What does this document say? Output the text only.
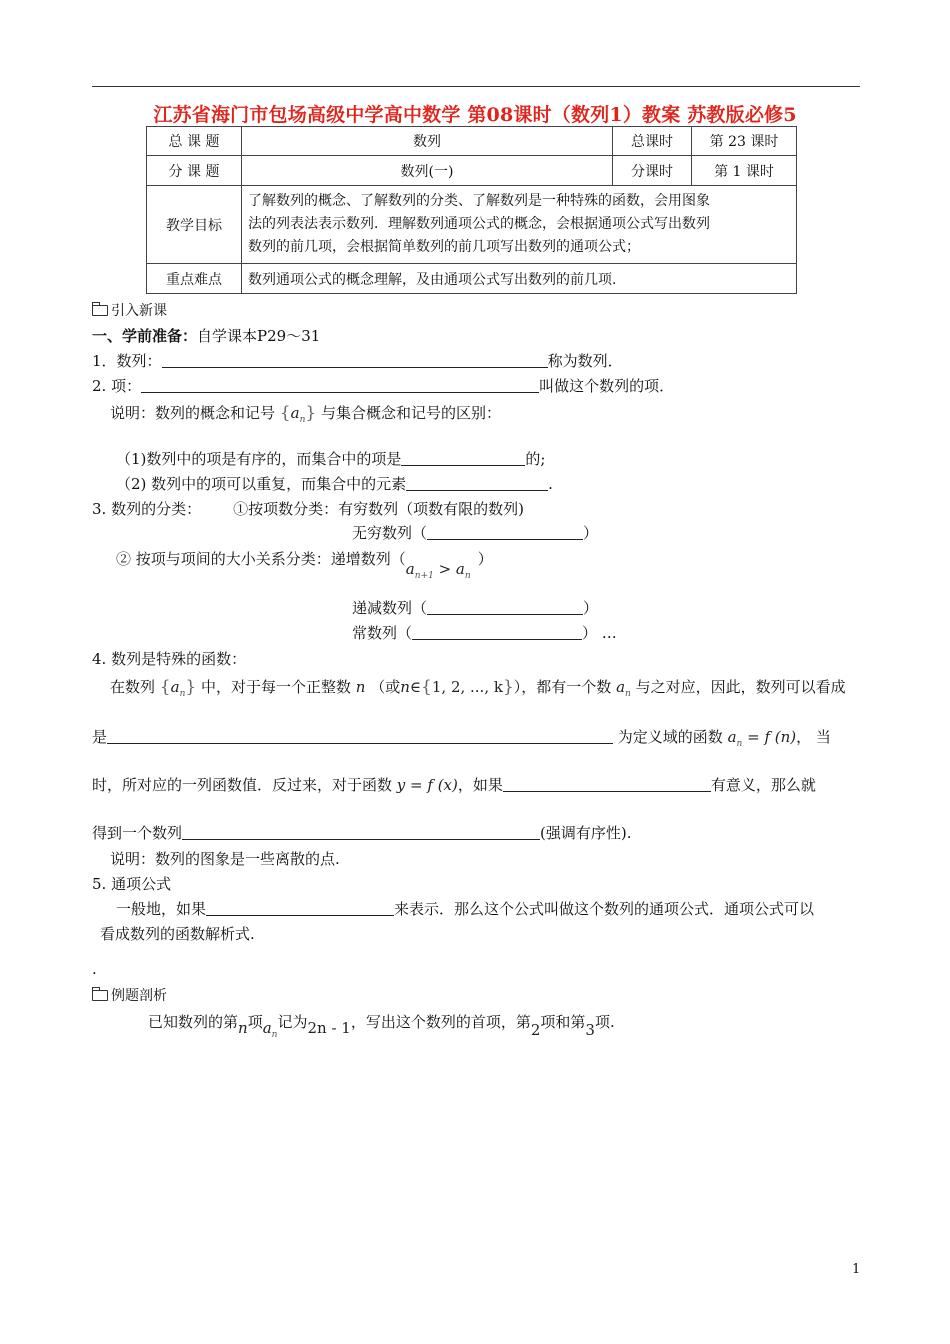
江苏省海门市包场高级中学高中数学 第08课时（数列1）教案 苏教版必修5
总 课 题	数列	总课时	第 23 课时
分 课 题	数列(一)	分课时	第 1 课时
教学目标	了解数列的概念、了解数列的分类、了解数列是一种特殊的函数，会用图象
法的列表法表示数列．理解数列通项公式的概念，会根据通项公式写出数列
数列的前几项，会根据简单数列的前几项写出数列的通项公式；		

重点难点	数列通项公式的概念理解，及由通项公式写出数列的前几项.		
引入新课
一、学前准备：自学课本P29～31
1．数列：	称为数列．
2. 项：	叫做这个数列的项．
说明：数列的概念和记号 $\{a_n\}$ 与集合概念和记号的区别：
（1)数列中的项是有序的，而集合中的项是	的;
（2) 数列中的项可以重复，而集合中的元素	.
3. 数列的分类： ①按项数分类：有穷数列（项数有限的数列)
无穷数列（	）
② 按项与项间的大小关系分类：递增数列$(a_{n+1} > a_n)$
递减数列（	）
常数列（	） …
4. 数列是特殊的函数：
在数列 $\{a_n\}$ 中，对于每一个正整数 n （或n∈{1, 2, ..., k}），都有一个数 $a_n$ 与之对应，因此，数列可以看成
是	为定义域的函数 $a_n = f$ (n)， 当
时，所对应的一列函数值．反过来，对于函数 y = f (x)，如果	有意义，那么就
得到一个数列	(强调有序性).
说明：数列的图象是一些离散的点.
5. 通项公式
一般地，如果	来表示．那么这个公式叫做这个数列的通项公式．通项公式可以
看成数列的函数解析式.
.
例题剖析
已知数列的第n项$a_n$记为2n - 1，写出这个数列的首项，第2项和第3项.
1
